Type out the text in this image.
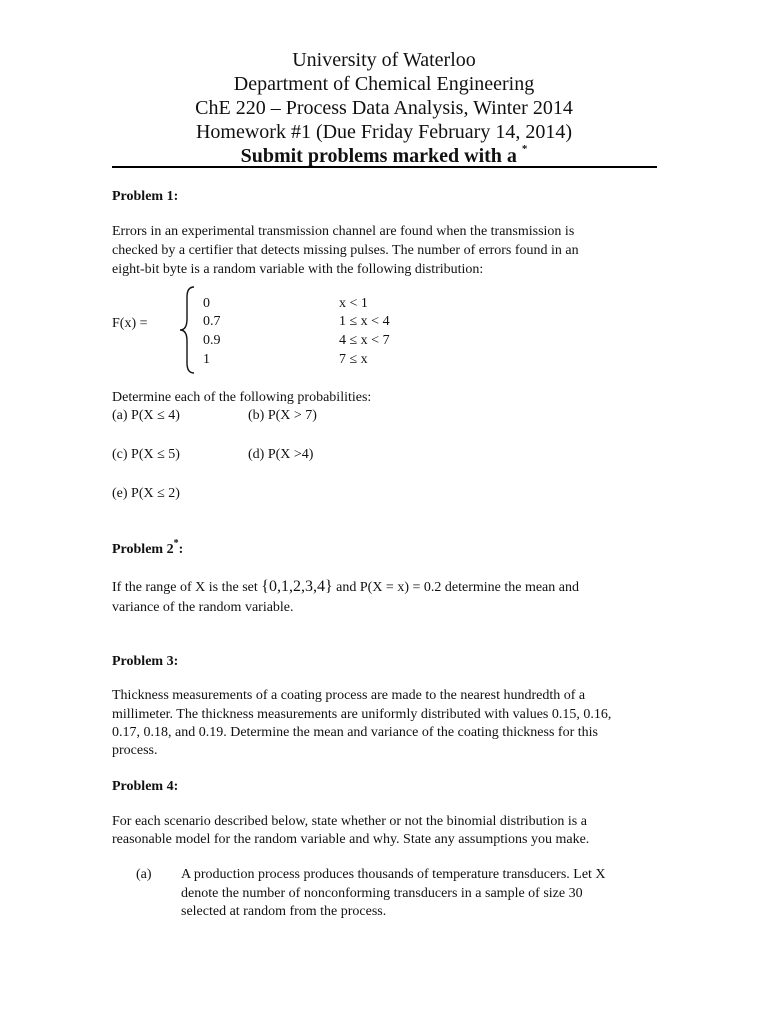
University of Waterloo
Department of Chemical Engineering
ChE 220 – Process Data Analysis, Winter 2014
Homework #1 (Due Friday February 14, 2014)
Submit problems marked with a *
Problem 1:
Errors in an experimental transmission channel are found when the transmission is
checked by a certifier that detects missing pulses. The number of errors found in an
eight-bit byte is a random variable with the following distribution:
F(x) =
0	x < 1
0.7	1 ≤ x < 4
0.9	4 ≤ x < 7
1	7 ≤ x
Determine each of the following probabilities:
(a) P(X ≤ 4)	(b) P(X > 7)
(c) P(X ≤ 5)	(d) P(X >4)
(e) P(X ≤ 2)
Problem 2*:
If the range of X is the set {0,1,2,3,4} and P(X = x) = 0.2 determine the mean and
variance of the random variable.
Problem 3:
Thickness measurements of a coating process are made to the nearest hundredth of a
millimeter. The thickness measurements are uniformly distributed with values 0.15, 0.16,
0.17, 0.18, and 0.19. Determine the mean and variance of the coating thickness for this
process.
Problem 4:
For each scenario described below, state whether or not the binomial distribution is a
reasonable model for the random variable and why. State any assumptions you make.
(a) A production process produces thousands of temperature transducers. Let X
denote the number of nonconforming transducers in a sample of size 30
selected at random from the process.
